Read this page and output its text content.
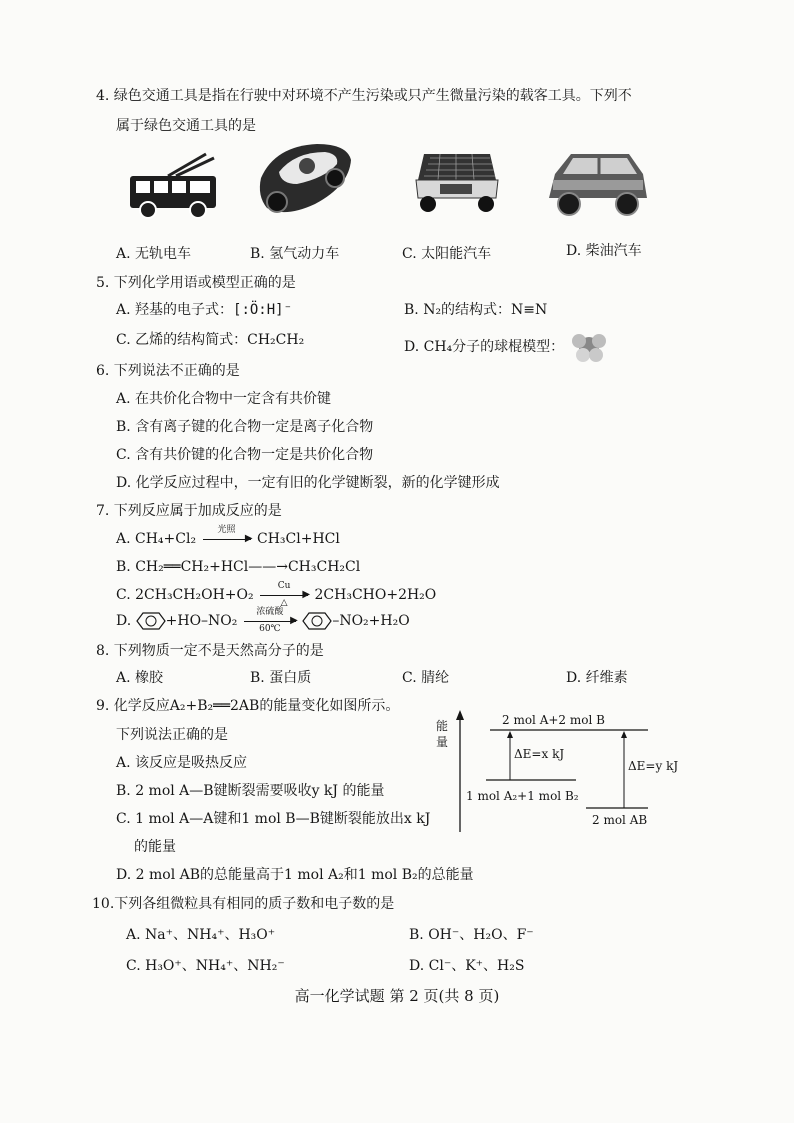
4. 绿色交通工具是指在行驶中对环境不产生污染或只产生微量污染的载客工具。下列不
属于绿色交通工具的是
A. 无轨电车	B. 氢气动力车	C. 太阳能汽车	D. 柴油汽车
5. 下列化学用语或模型正确的是
A. 羟基的电子式：[:Ö:H]⁻	B. N₂的结构式：N≡N
C. 乙烯的结构简式：CH₂CH₂	D. CH₄分子的球棍模型：
6. 下列说法不正确的是
A. 在共价化合物中一定含有共价键
B. 含有离子键的化合物一定是离子化合物
C. 含有共价键的化合物一定是共价化合物
D. 化学反应过程中，一定有旧的化学键断裂，新的化学键形成
7. 下列反应属于加成反应的是
A. CH₄+Cl₂
光照
▶ CH₃Cl+HCl
B. CH₂══CH₂+HCl——→CH₃CH₂Cl
C. 2CH₃CH₂OH+O₂
Cu
▶
△	2CH₃CHO+2H₂O
D. +HO–NO₂
浓硫酸
▶
60℃	–NO₂+H₂O
8. 下列物质一定不是天然高分子的是
A. 橡胶	B. 蛋白质	C. 腈纶	D. 纤维素
9. 化学反应A₂+B₂══2AB的能量变化如图所示。
下列说法正确的是
A. 该反应是吸热反应
B. 2 mol A—B键断裂需要吸收y kJ 的能量
C. 1 mol A—A键和1 mol B—B键断裂能放出x kJ
的能量
D. 2 mol AB的总能量高于1 mol A₂和1 mol B₂的总能量
能
量
2 mol A+2 mol B
1 mol A₂+1 mol B₂
2 mol AB
ΔE=x kJ
ΔE=y kJ
10.下列各组微粒具有相同的质子数和电子数的是
A. Na⁺、NH₄⁺、H₃O⁺	B. OH⁻、H₂O、F⁻
C. H₃O⁺、NH₄⁺、NH₂⁻	D. Cl⁻、K⁺、H₂S
高一化学试题 第 2 页(共 8 页)
